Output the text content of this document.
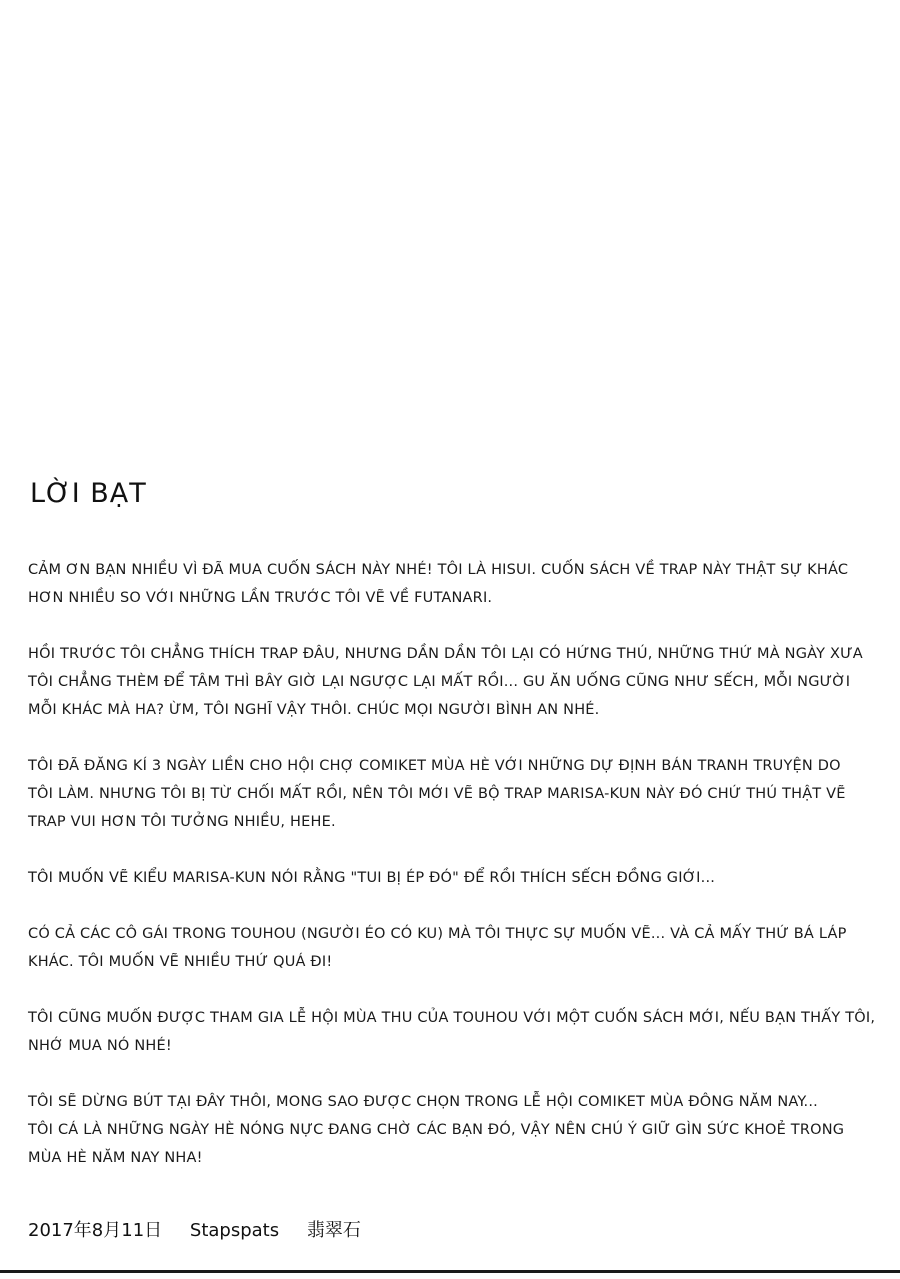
LỜI BẠT
CẢM ƠN BẠN NHIỀU VÌ ĐÃ MUA CUỐN SÁCH NÀY NHÉ! TÔI LÀ HISUI. CUỐN SÁCH VỀ TRAP NÀY THẬT SỰ KHÁC
HƠN NHIỀU SO VỚI NHỮNG LẦN TRƯỚC TÔI VẼ VỀ FUTANARI.
HỒI TRƯỚC TÔI CHẲNG THÍCH TRAP ĐÂU, NHƯNG DẦN DẦN TÔI LẠI CÓ HỨNG THÚ, NHỮNG THỨ MÀ NGÀY XƯA
TÔI CHẲNG THÈM ĐỂ TÂM THÌ BÂY GIỜ LẠI NGƯỢC LẠI MẤT RỒI... GU ĂN UỐNG CŨNG NHƯ SẾCH, MỖI NGƯỜI
MỖI KHÁC MÀ HA? ỪM, TÔI NGHĨ VẬY THÔI. CHÚC MỌI NGƯỜI BÌNH AN NHÉ.
TÔI ĐÃ ĐĂNG KÍ 3 NGÀY LIỀN CHO HỘI CHỢ COMIKET MÙA HÈ VỚI NHỮNG DỰ ĐỊNH BÁN TRANH TRUYỆN DO
TÔI LÀM. NHƯNG TÔI BỊ TỪ CHỐI MẤT RỒI, NÊN TÔI MỚI VẼ BỘ TRAP MARISA-KUN NÀY ĐÓ CHỨ THÚ THẬT VẼ
TRAP VUI HƠN TÔI TƯỞNG NHIỀU, HEHE.
TÔI MUỐN VẼ KIỂU MARISA-KUN NÓI RẰNG "TUI BỊ ÉP ĐÓ" ĐỂ RỒI THÍCH SẾCH ĐỒNG GIỚI...
CÓ CẢ CÁC CÔ GÁI TRONG TOUHOU (NGƯỜI ÉO CÓ KU) MÀ TÔI THỰC SỰ MUỐN VẼ... VÀ CẢ MẤY THỨ BÁ LÁP
KHÁC. TÔI MUỐN VẼ NHIỀU THỨ QUÁ ĐI!
TÔI CŨNG MUỐN ĐƯỢC THAM GIA LỄ HỘI MÙA THU CỦA TOUHOU VỚI MỘT CUỐN SÁCH MỚI, NẾU BẠN THẤY TÔI,
NHỚ MUA NÓ NHÉ!
TÔI SẼ DỪNG BÚT TẠI ĐÂY THÔI, MONG SAO ĐƯỢC CHỌN TRONG LỄ HỘI COMIKET MÙA ĐÔNG NĂM NAY...
TÔI CÁ LÀ NHỮNG NGÀY HÈ NÓNG NỰC ĐANG CHỜ CÁC BẠN ĐÓ, VẬY NÊN CHÚ Ý GIỮ GÌN SỨC KHOẺ TRONG
MÙA HÈ NĂM NAY NHA!
2017年8月11日 Stapspats 翡翠石
